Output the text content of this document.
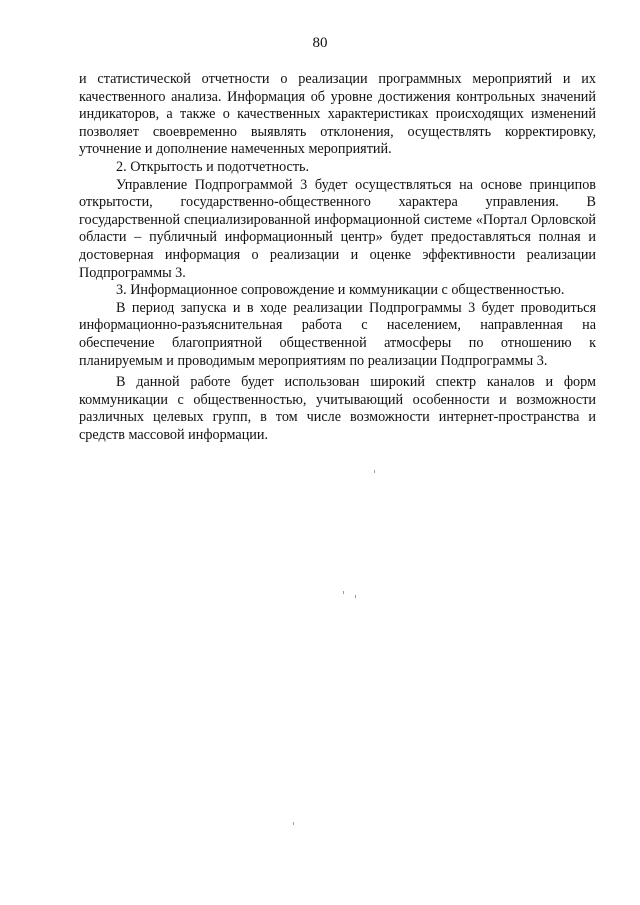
80

и статистической отчетности о реализации программных мероприятий и их качественного анализа. Информация об уровне достижения контрольных значений индикаторов, а также о качественных характеристиках происходящих изменений позволяет своевременно выявлять отклонения, осуществлять корректировку, уточнение и дополнение намеченных мероприятий.

2. Открытость и подотчетность.

Управление Подпрограммой 3 будет осуществляться на основе принципов открытости, государственно-общественного характера управления. В государственной специализированной информационной системе «Портал Орловской области – публичный информационный центр» будет предоставляться полная и достоверная информация о реализации и оценке эффективности реализации Подпрограммы 3.

3. Информационное сопровождение и коммуникации с общественностью.

В период запуска и в ходе реализации Подпрограммы 3 будет проводиться информационно-разъяснительная работа с населением, направленная на обеспечение благоприятной общественной атмосферы по отношению к планируемым и проводимым мероприятиям по реализации Подпрограммы 3.

В данной работе будет использован широкий спектр каналов и форм коммуникации с общественностью, учитывающий особенности и возможности различных целевых групп, в том числе возможности интернет-пространства и средств массовой информации.
